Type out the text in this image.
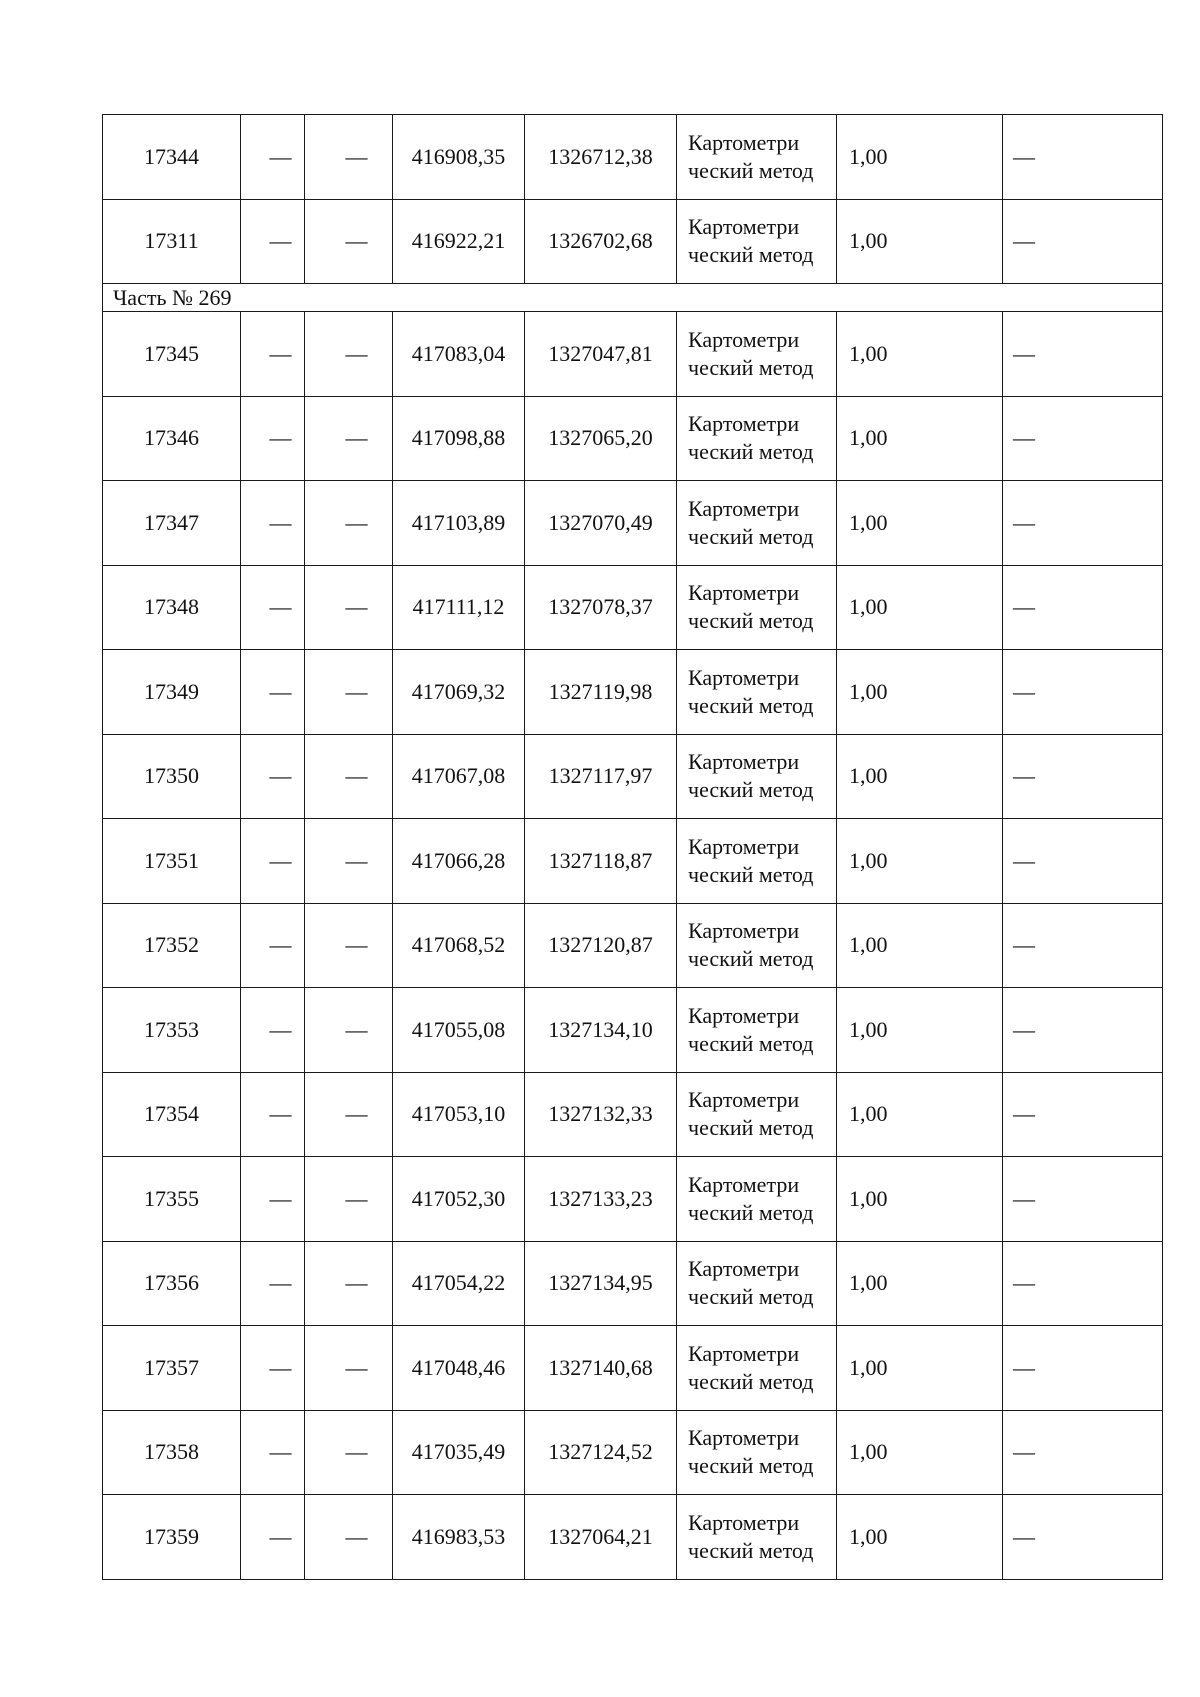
17344	—	—	416908,35	1326712,38	Картометри ческий метод	1,00	—
17311	—	—	416922,21	1326702,68	Картометри ческий метод	1,00	—
Часть № 269							
17345	—	—	417083,04	1327047,81	Картометри ческий метод	1,00	—
17346	—	—	417098,88	1327065,20	Картометри ческий метод	1,00	—
17347	—	—	417103,89	1327070,49	Картометри ческий метод	1,00	—
17348	—	—	417111,12	1327078,37	Картометри ческий метод	1,00	—
17349	—	—	417069,32	1327119,98	Картометри ческий метод	1,00	—
17350	—	—	417067,08	1327117,97	Картометри ческий метод	1,00	—
17351	—	—	417066,28	1327118,87	Картометри ческий метод	1,00	—
17352	—	—	417068,52	1327120,87	Картометри ческий метод	1,00	—
17353	—	—	417055,08	1327134,10	Картометри ческий метод	1,00	—
17354	—	—	417053,10	1327132,33	Картометри ческий метод	1,00	—
17355	—	—	417052,30	1327133,23	Картометри ческий метод	1,00	—
17356	—	—	417054,22	1327134,95	Картометри ческий метод	1,00	—
17357	—	—	417048,46	1327140,68	Картометри ческий метод	1,00	—
17358	—	—	417035,49	1327124,52	Картометри ческий метод	1,00	—
17359	—	—	416983,53	1327064,21	Картометри ческий метод	1,00	—
